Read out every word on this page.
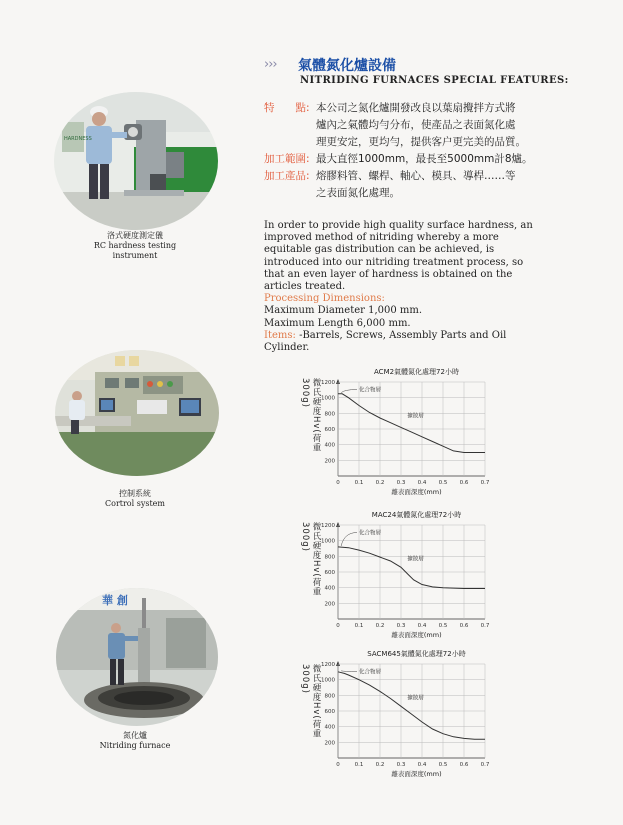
››› 氣體氮化爐設備
NITRIDING FURNACES SPECIAL FEATURES:
特　　點: 本公司之氮化爐開發改良以葉扇攪拌方式將
爐內之氣體均勻分布，使產品之表面氮化處
理更安定，更均勻，提供客户更完美的品質。
加工範圍: 最大直徑1000mm，最長至5000mm計8爐。
加工產品: 熔膠料管、螺桿、軸心、模具、導桿……等
之表面氮化處理。

In order to provide high quality surface hardness, an improved method of nitriding whereby a more equitable gas distribution can be achieved, is introduced into our nitriding treatment process, so that an even layer of hardness is obtained on the articles treated.

Processing Dimensions:
Maximum Diameter 1,000 mm.
Maximum Length 6,000 mm.
Items: -Barrels, Screws, Assembly Parts and Oil Cylinder.
HARDNESS
洛式硬度測定儀
RC hardness testing
instrument
控制系統
Cortrol system
華 創
氮化爐
Nitriding furnace
微氏硬度Hv(荷重300g)
ACM2氣體氮化處理72小時
200
400
600
800
1000
1200
0	0.1 0.2 0.3 0.4 0.5 0.6 0.7
離表面深度(mm)
化合物層
擴散層
微氏硬度Hv(荷重300g)
MAC24氣體氮化處理72小時
200
400
600
800
1000
1200
0	0.1 0.2 0.3 0.4 0.5 0.6 0.7
離表面深度(mm)
化合物層
擴散層
微氏硬度Hv(荷重300g)
SACM645氣體氮化處理72小時
200
400
600
800
1000
1200
0	0.1 0.2 0.3 0.4 0.5 0.6 0.7
離表面深度(mm)
化合物層
擴散層
